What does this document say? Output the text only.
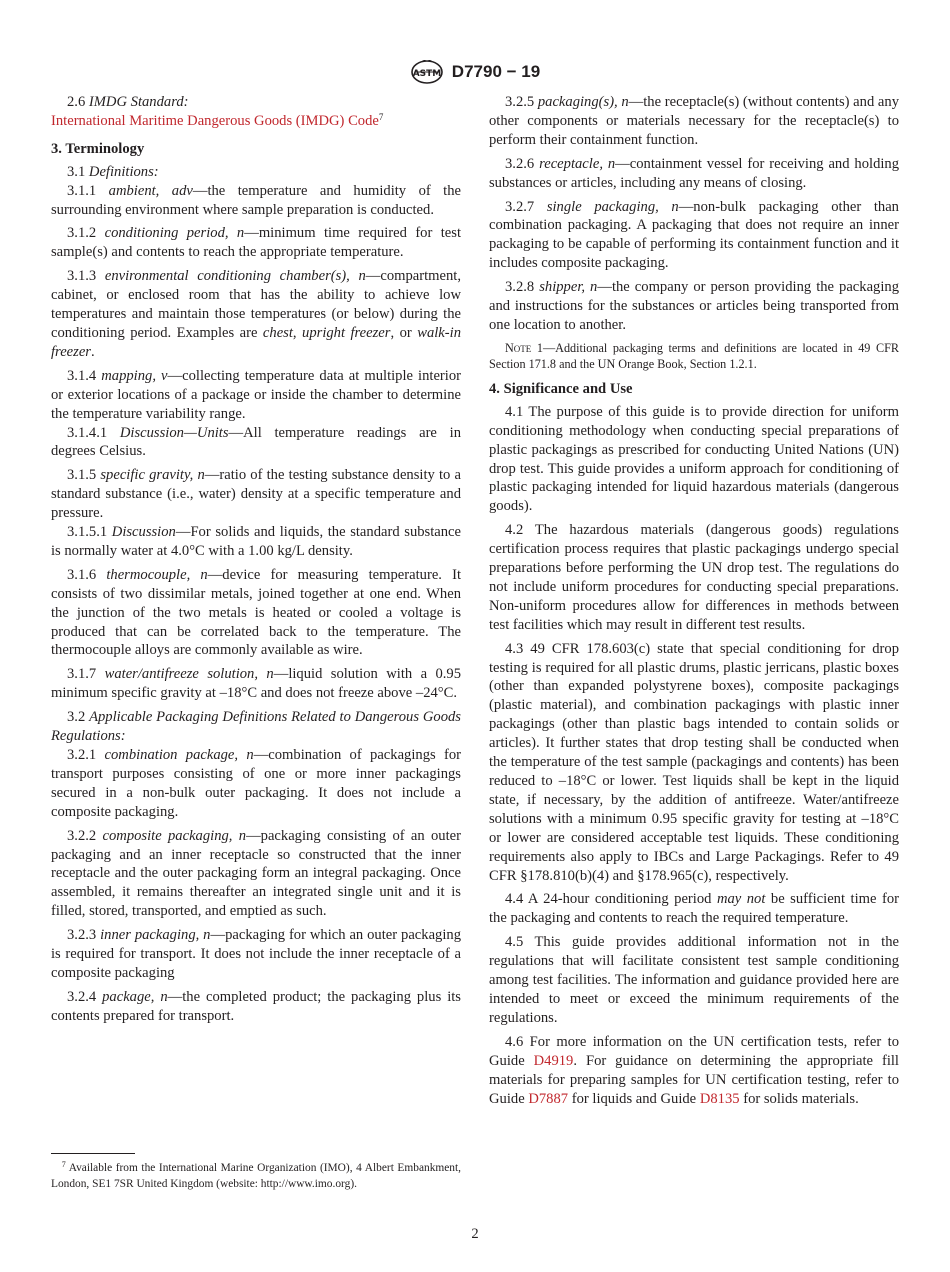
ASTM D7790 − 19

2.6 IMDG Standard:

International Maritime Dangerous Goods (IMDG) Code$^7$

3. Terminology

3.1 Definitions:

3.1.1 ambient, adv—the temperature and humidity of the surrounding environment where sample preparation is conducted.

3.1.2 conditioning period, n—minimum time required for test sample(s) and contents to reach the appropriate temperature.

3.1.3 environmental conditioning chamber(s), n—compartment, cabinet, or enclosed room that has the ability to achieve low temperatures and maintain those temperatures (or below) during the conditioning period. Examples are chest, upright freezer, or walk-in freezer.

3.1.4 mapping, v—collecting temperature data at multiple interior or exterior locations of a package or inside the chamber to determine the temperature variability range.

3.1.4.1 Discussion—Units—All temperature readings are in degrees Celsius.

3.1.5 specific gravity, n—ratio of the testing substance density to a standard substance (i.e., water) density at a specific temperature and pressure.

3.1.5.1 Discussion—For solids and liquids, the standard substance is normally water at 4.0°C with a 1.00 kg/L density.

3.1.6 thermocouple, n—device for measuring temperature. It consists of two dissimilar metals, joined together at one end. When the junction of the two metals is heated or cooled a voltage is produced that can be correlated back to the temperature. The thermocouple alloys are commonly available as wire.

3.1.7 water/antifreeze solution, n—liquid solution with a 0.95 minimum specific gravity at –18°C and does not freeze above –24°C.

3.2 Applicable Packaging Definitions Related to Dangerous Goods Regulations:

3.2.1 combination package, n—combination of packagings for transport purposes consisting of one or more inner packagings secured in a non-bulk outer packaging. It does not include a composite packaging.

3.2.2 composite packaging, n—packaging consisting of an outer packaging and an inner receptacle so constructed that the inner receptacle and the outer packaging form an integral packaging. Once assembled, it remains thereafter an integrated single unit and it is filled, stored, transported, and emptied as such.

3.2.3 inner packaging, n—packaging for which an outer packaging is required for transport. It does not include the inner receptacle of a composite packaging

3.2.4 package, n—the completed product; the packaging plus its contents prepared for transport.

3.2.5 packaging(s), n—the receptacle(s) (without contents) and any other components or materials necessary for the receptacle(s) to perform their containment function.

3.2.6 receptacle, n—containment vessel for receiving and holding substances or articles, including any means of closing.

3.2.7 single packaging, n—non-bulk packaging other than combination packaging. A packaging that does not require an inner packaging to be capable of performing its containment function and it includes composite packaging.

3.2.8 shipper, n—the company or person providing the packaging and instructions for the substances or articles being transported from one location to another.

Note 1—Additional packaging terms and definitions are located in 49 CFR Section 171.8 and the UN Orange Book, Section 1.2.1.

4. Significance and Use

4.1 The purpose of this guide is to provide direction for uniform conditioning methodology when conducting special preparations of plastic packagings as prescribed for conducting United Nations (UN) drop test. This guide provides a uniform approach for conditioning of plastic packaging intended for liquid hazardous materials (dangerous goods).

4.2 The hazardous materials (dangerous goods) regulations certification process requires that plastic packagings undergo special preparations before performing the UN drop test. The regulations do not include uniform procedures for conducting special preparations. Non-uniform procedures allow for differences in methods between test facilities which may result in different test results.

4.3 49 CFR 178.603(c) state that special conditioning for drop testing is required for all plastic drums, plastic jerricans, plastic boxes (other than expanded polystyrene boxes), composite packagings (plastic material), and combination packagings with plastic inner packagings (other than plastic bags intended to contain solids or articles). It further states that drop testing shall be conducted when the temperature of the test sample (packagings and contents) has been reduced to –18°C or lower. Test liquids shall be kept in the liquid state, if necessary, by the addition of antifreeze. Water/antifreeze solutions with a minimum 0.95 specific gravity for testing at –18°C or lower are considered acceptable test liquids. These conditioning requirements also apply to IBCs and Large Packagings. Refer to 49 CFR §178.810(b)(4) and §178.965(c), respectively.

4.4 A 24-hour conditioning period may not be sufficient time for the packaging and contents to reach the required temperature.

4.5 This guide provides additional information not in the regulations that will facilitate consistent test sample conditioning among test facilities. The information and guidance provided here are intended to meet or exceed the minimum requirements of the regulations.

4.6 For more information on the UN certification tests, refer to Guide D4919. For guidance on determining the appropriate fill materials for preparing samples for UN certification testing, refer to Guide D7887 for liquids and Guide D8135 for solids materials.

$^7$ Available from the International Marine Organization (IMO), 4 Albert Embankment, London, SE1 7SR United Kingdom (website: http://www.imo.org).
2
